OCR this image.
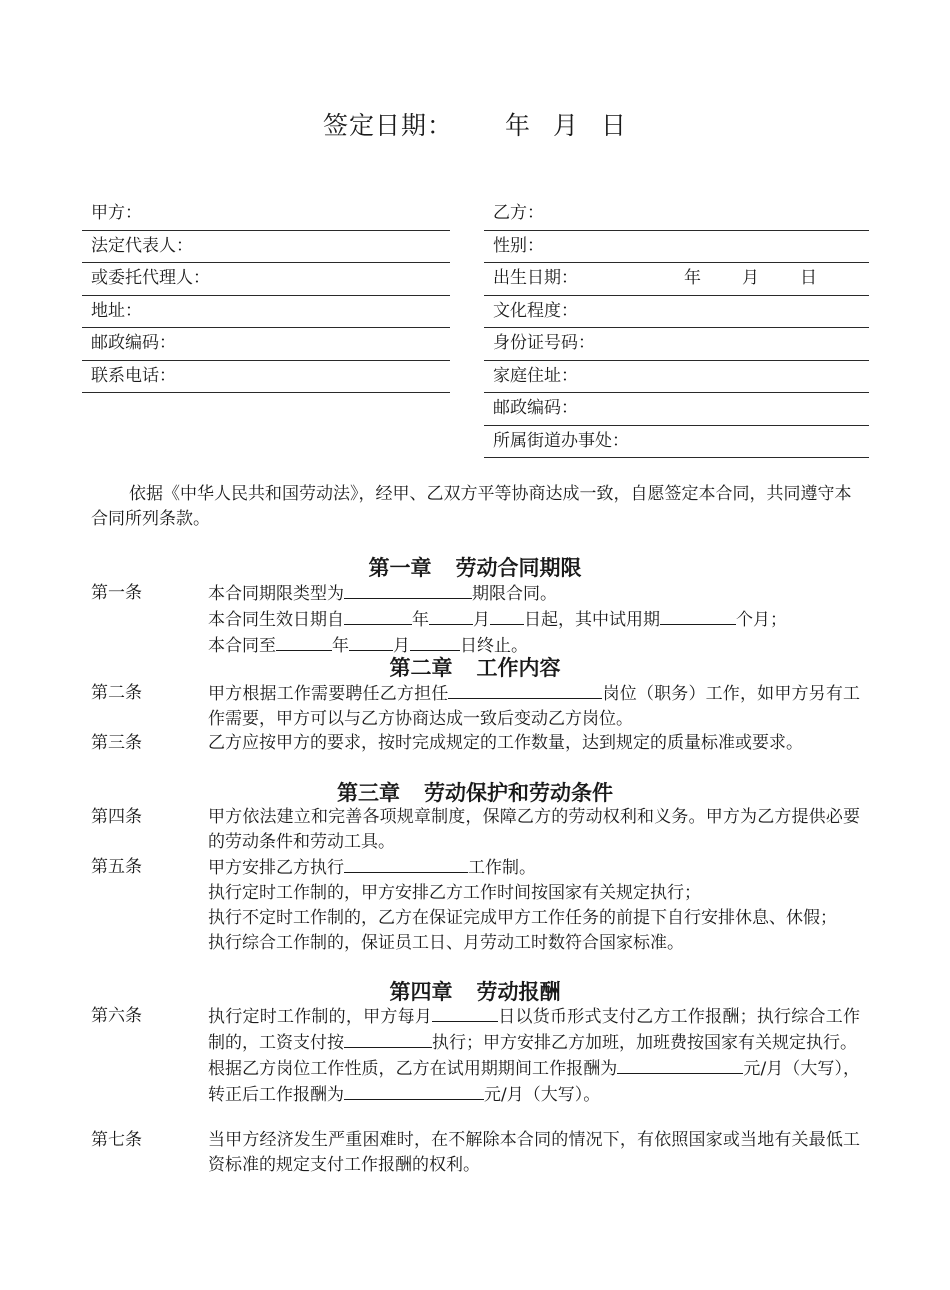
签定日期： 年 月 日
甲方：
法定代表人：
或委托代理人：
地址：
邮政编码：
联系电话：
乙方：
性别：
出生日期：	年 月 日
文化程度：
身份证号码：
家庭住址：
邮政编码：
所属街道办事处：
依据《中华人民共和国劳动法》，经甲、乙双方平等协商达成一致，自愿签定本合同，共同遵守本合同所列条款。
第一章 劳动合同期限
第一条	本合同期限类型为	期限合同。
本合同生效日期自	年	月 日起，其中试用期	个月；
本合同至	年	月	日终止。
第二章 工作内容
第二条	甲方根据工作需要聘任乙方担任	岗位（职务）工作，如甲方另有工作需要，甲方可以与乙方协商达成一致后变动乙方岗位。
第三条	乙方应按甲方的要求，按时完成规定的工作数量，达到规定的质量标准或要求。
第三章 劳动保护和劳动条件
第四条	甲方依法建立和完善各项规章制度，保障乙方的劳动权利和义务。甲方为乙方提供必要的劳动条件和劳动工具。
第五条	甲方安排乙方执行	工作制。
执行定时工作制的，甲方安排乙方工作时间按国家有关规定执行；
执行不定时工作制的，乙方在保证完成甲方工作任务的前提下自行安排休息、休假；
执行综合工作制的，保证员工日、月劳动工时数符合国家标准。
第四章 劳动报酬
第六条	执行定时工作制的，甲方每月	日以货币形式支付乙方工作报酬；执行综合工作制的，工资支付按	执行；甲方安排乙方加班，加班费按国家有关规定执行。
根据乙方岗位工作性质，乙方在试用期期间工作报酬为	元/月（大写），转正后工作报酬为	元/月（大写）。
第七条	当甲方经济发生严重困难时，在不解除本合同的情况下，有依照国家或当地有关最低工资标准的规定支付工作报酬的权利。
